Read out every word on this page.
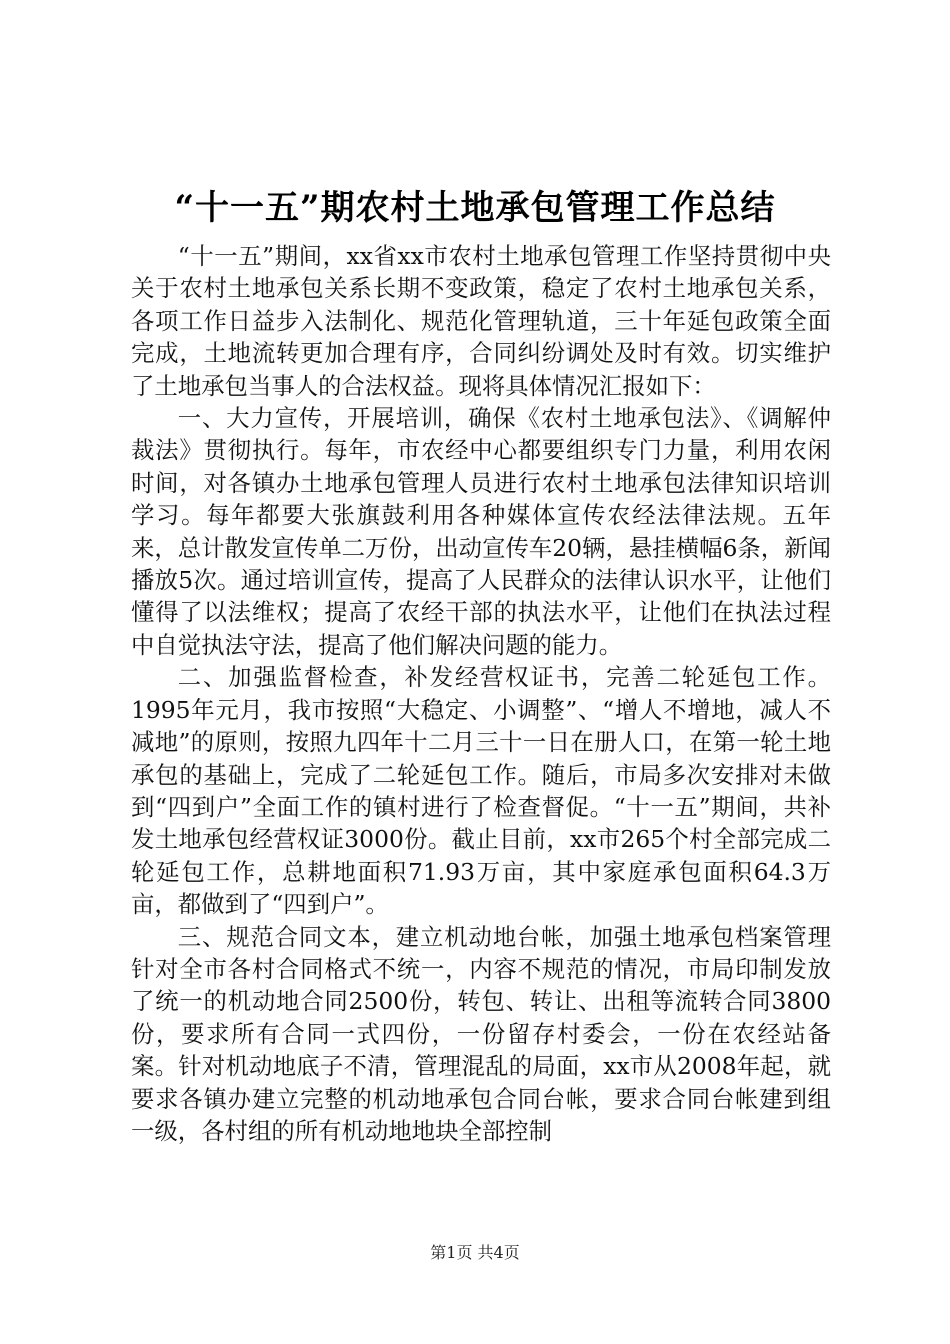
“十一五”期农村土地承包管理工作总结

“十一五”期间，xx省xx市农村土地承包管理工作坚持贯彻中央关于农村土地承包关系长期不变政策，稳定了农村土地承包关系，各项工作日益步入法制化、规范化管理轨道，三十年延包政策全面完成，土地流转更加合理有序，合同纠纷调处及时有效。切实维护了土地承包当事人的合法权益。现将具体情况汇报如下：

一、大力宣传，开展培训，确保《农村土地承包法》、《调解仲裁法》贯彻执行。每年，市农经中心都要组织专门力量，利用农闲时间，对各镇办土地承包管理人员进行农村土地承包法律知识培训学习。每年都要大张旗鼓利用各种媒体宣传农经法律法规。五年来，总计散发宣传单二万份，出动宣传车20辆，悬挂横幅6条，新闻播放5次。通过培训宣传，提高了人民群众的法律认识水平，让他们懂得了以法维权；提高了农经干部的执法水平，让他们在执法过程中自觉执法守法，提高了他们解决问题的能力。

二、加强监督检查，补发经营权证书，完善二轮延包工作。1995年元月，我市按照“大稳定、小调整”、“增人不增地，减人不减地”的原则，按照九四年十二月三十一日在册人口，在第一轮土地承包的基础上，完成了二轮延包工作。随后，市局多次安排对未做到“四到户”全面工作的镇村进行了检查督促。“十一五”期间，共补发土地承包经营权证3000份。截止目前，xx市265个村全部完成二轮延包工作，总耕地面积71.93万亩，其中家庭承包面积64.3万亩，都做到了“四到户”。

三、规范合同文本，建立机动地台帐，加强土地承包档案管理针对全市各村合同格式不统一，内容不规范的情况，市局印制发放了统一的机动地合同2500份，转包、转让、出租等流转合同3800份，要求所有合同一式四份，一份留存村委会，一份在农经站备案。针对机动地底子不清，管理混乱的局面，xx市从2008年起，就要求各镇办建立完整的机动地承包合同台帐，要求合同台帐建到组一级，各村组的所有机动地地块全部控制

第1页 共4页
